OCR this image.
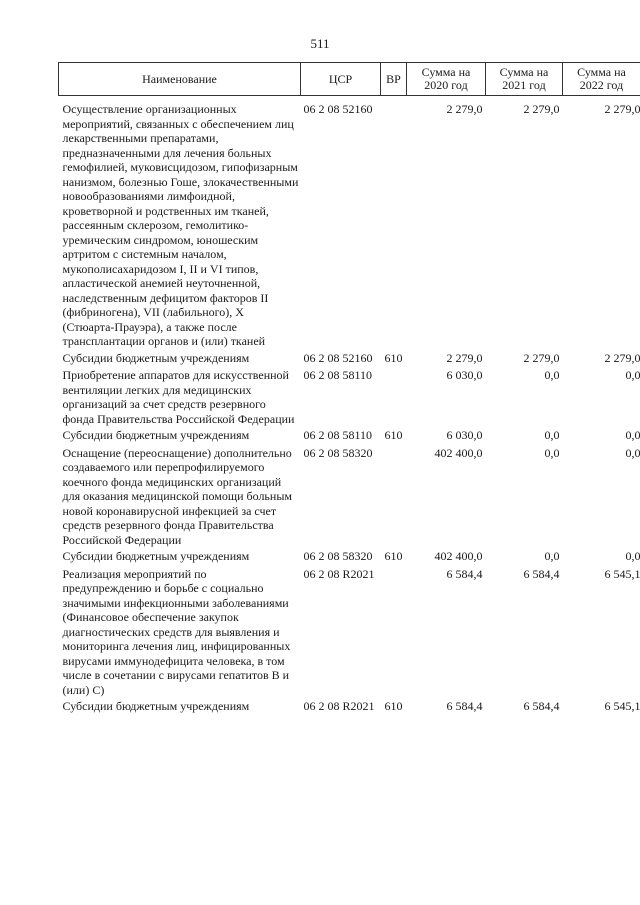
511
Наименование	ЦСР	ВР	Сумма на 2020 год	Сумма на 2021 год	Сумма на 2022 год

Осуществление организационных мероприятий, связанных с обеспечением лиц лекарственными препаратами, предназначенными для лечения больных гемофилией, муковисцидозом, гипофизарным нанизмом, болезнью Гоше, злокачественными новообразованиями лимфоидной, кроветворной и родственных им тканей, рассеянным склерозом, гемолитико-уремическим синдромом, юношеским артритом с системным началом, мукополисахаридозом I, II и VI типов, апластической анемией неуточненной, наследственным дефицитом факторов II (фибриногена), VII (лабильного), X (Стюарта-Прауэра), а также после трансплантации органов и (или) тканей	06 2 08 52160		2 279,0	2 279,0	2 279,0
Субсидии бюджетным учреждениям	06 2 08 52160	610	2 279,0	2 279,0	2 279,0
Приобретение аппаратов для искусственной вентиляции легких для медицинских организаций за счет средств резервного фонда Правительства Российской Федерации	06 2 08 58110		6 030,0	0,0	0,0
Субсидии бюджетным учреждениям	06 2 08 58110	610	6 030,0	0,0	0,0
Оснащение (переоснащение) дополнительно создаваемого или перепрофилируемого коечного фонда медицинских организаций для оказания медицинской помощи больным новой коронавирусной инфекцией за счет средств резервного фонда Правительства Российской Федерации	06 2 08 58320		402 400,0	0,0	0,0
Субсидии бюджетным учреждениям	06 2 08 58320	610	402 400,0	0,0	0,0
Реализация мероприятий по предупреждению и борьбе с социально значимыми инфекционными заболеваниями (Финансовое обеспечение закупок диагностических средств для выявления и мониторинга лечения лиц, инфицированных вирусами иммунодефицита человека, в том числе в сочетании с вирусами гепатитов B и (или) C)	06 2 08 R2021		6 584,4	6 584,4	6 545,1
Субсидии бюджетным учреждениям	06 2 08 R2021	610	6 584,4	6 584,4	6 545,1
